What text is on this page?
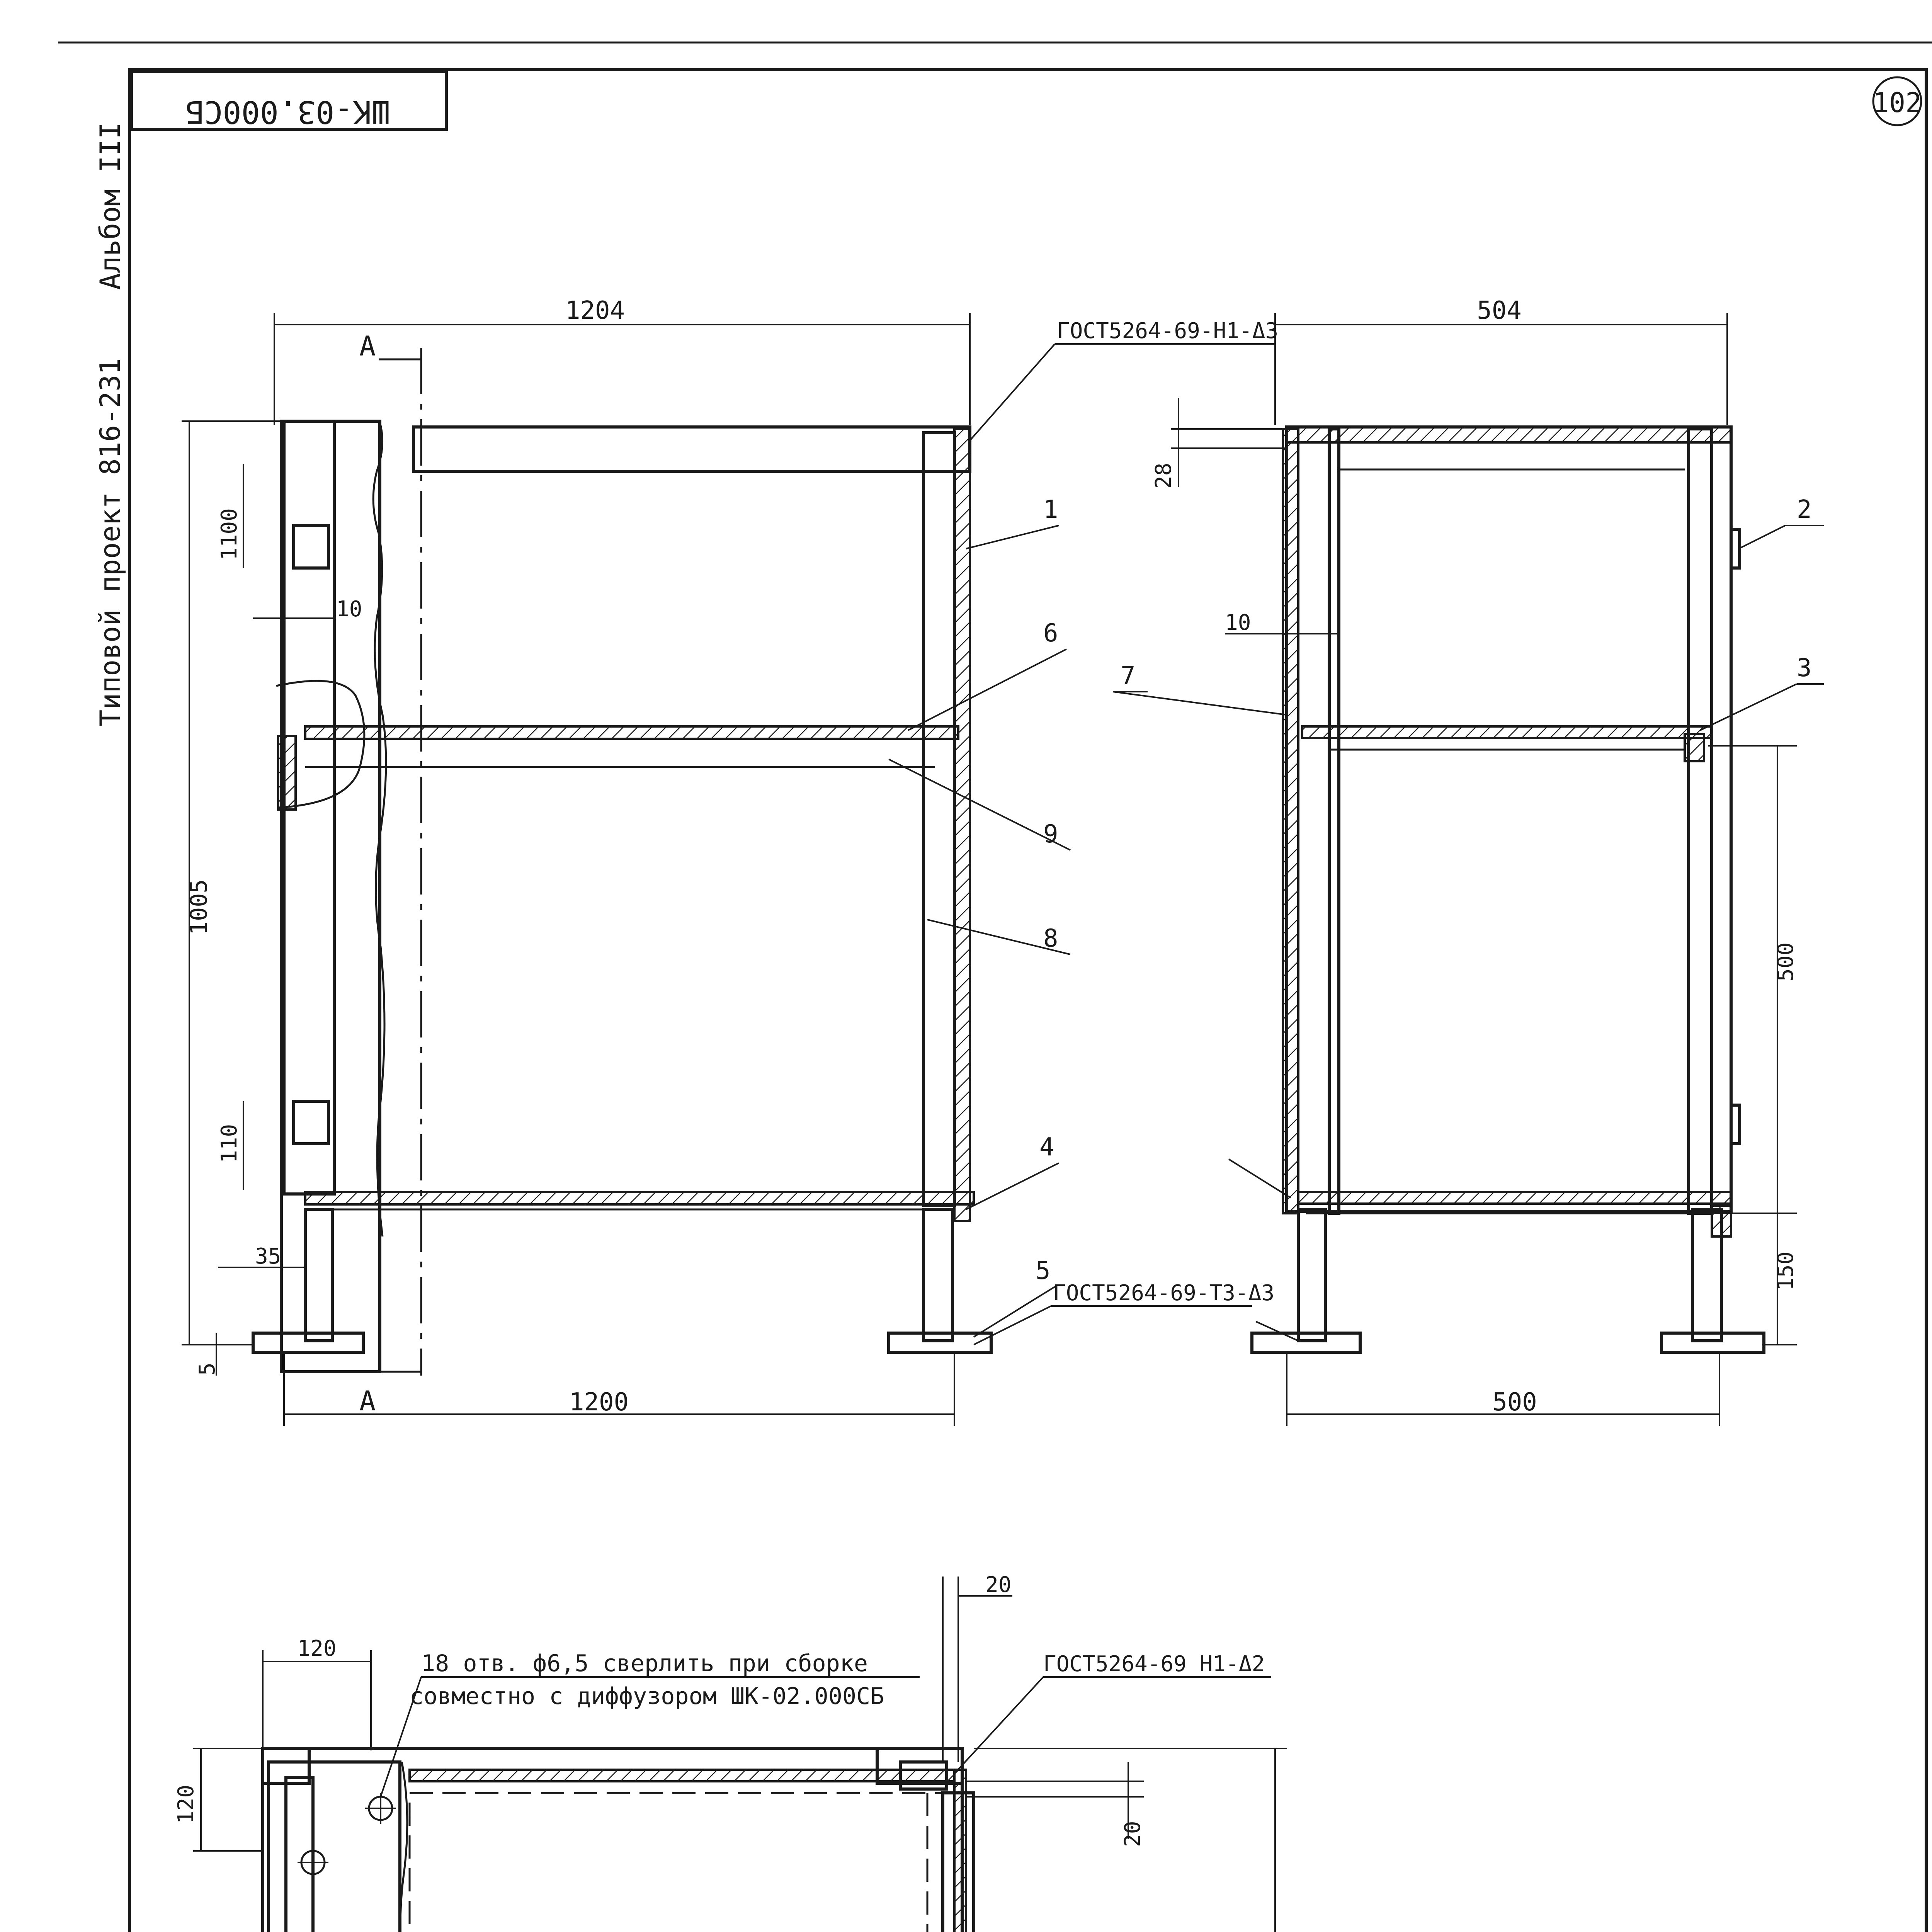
ШК-03.000СБ	102
Типовой проект 816-231
Альбом III
А
А
1204
1200
1005
1100
10
110
35
5
ГОСТ5264-69-Н1-Δ3
ГОСТ5264-69-Т3-Δ3
1
6
9
8
4
5
504
500
28
10
500
150
2
7	3
120
120
20
20
18 отв. ф6,5 сверлить при сборке
совместно с диффузором ШК-02.000СБ
ГОСТ5264-69 Н1-Δ2
